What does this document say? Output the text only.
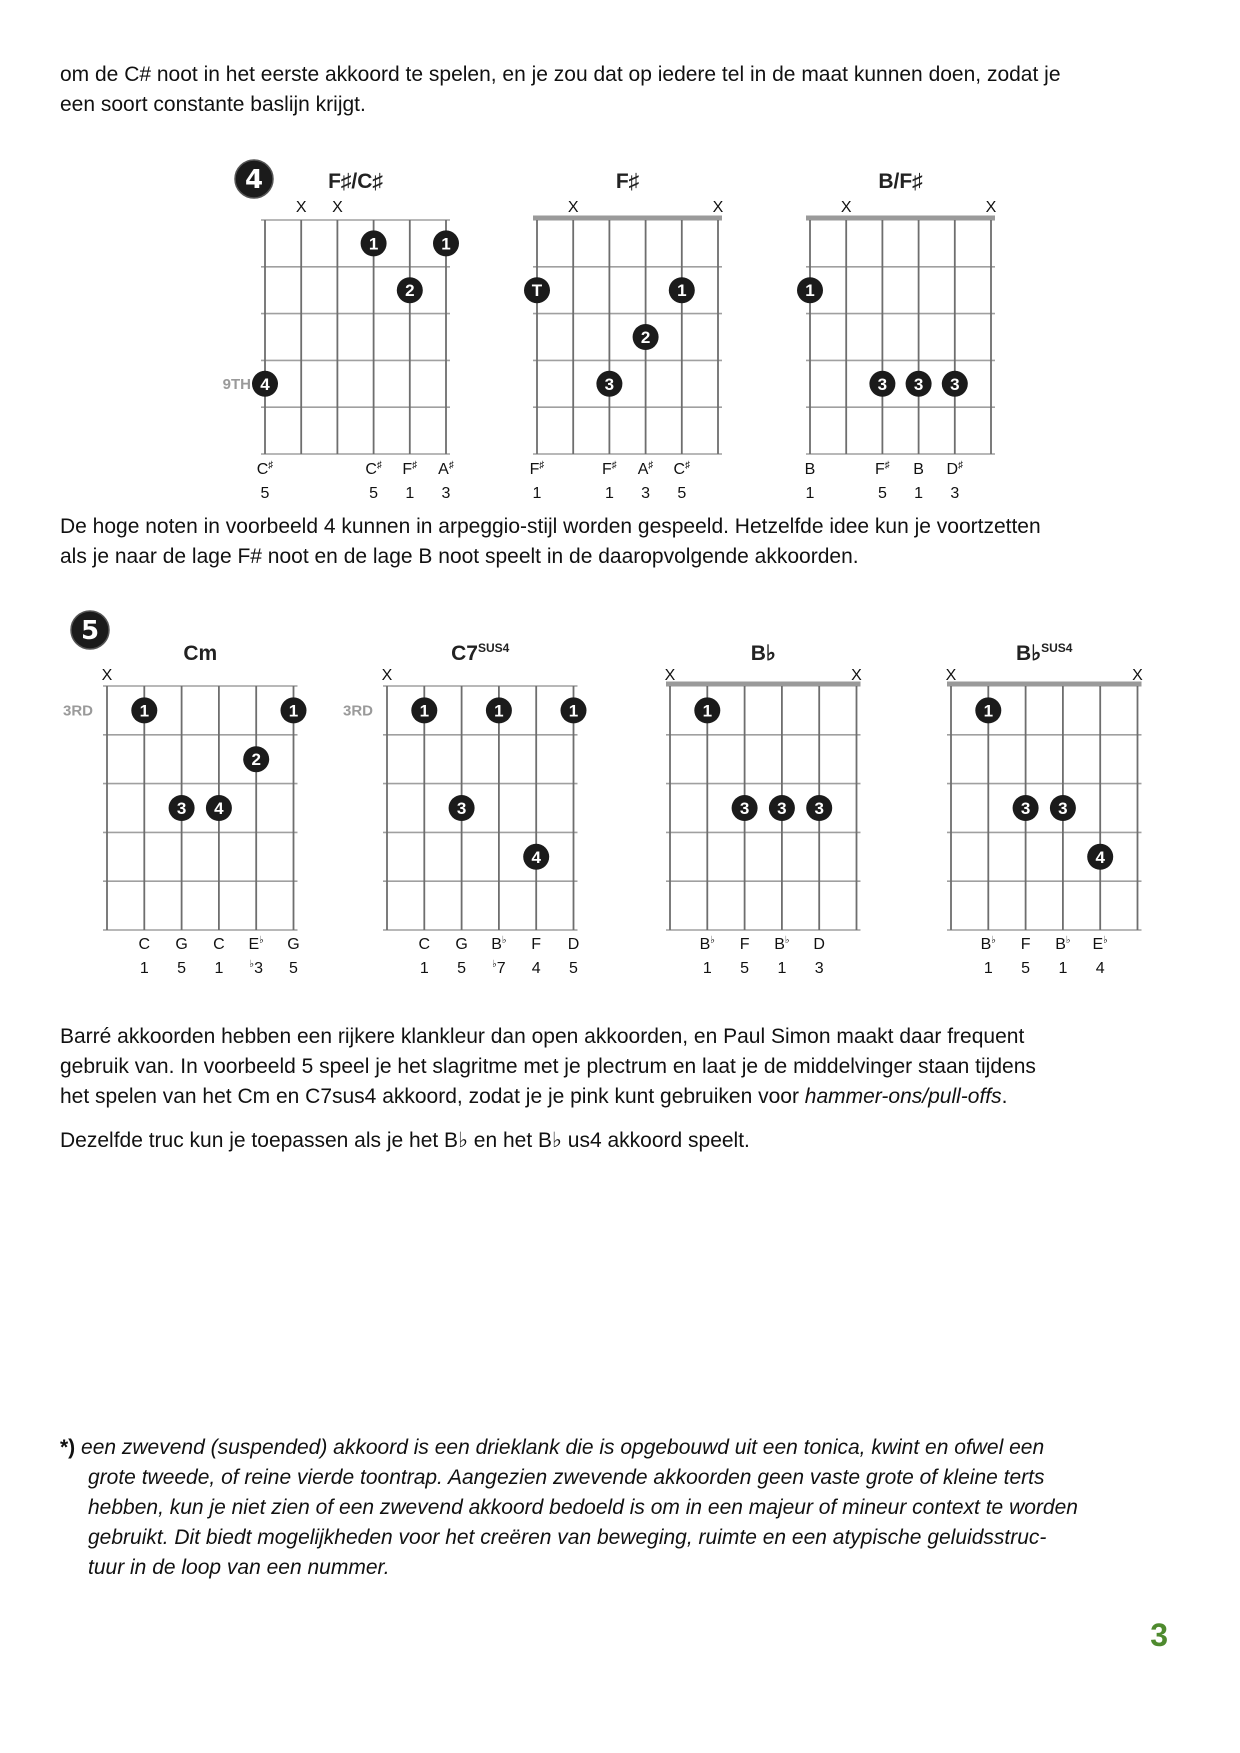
om de C# noot in het eerste akkoord te spelen, en je zou dat op iedere tel in de maat kunnen doen, zodat je
een soort constante baslijn krijgt.

4	F♯/C♯
X X
9TH
1	1
2
4
C♯
5
C♯
5
F♯
1
A♯
3
F♯
X	X
T	1
2
3
F♯
1
F♯
1
A♯
3
C♯
5
B/F♯
X	X
1
3 3 3
B
1
F♯
5
B
1
D♯
3
5
Cm
X
3RD	1	1
2
3 4
C
1
G
5
C
1
E♭
♭3
G
5
$C7^{SUS4}$
X
3RD	1	1	1
3
4
C
1
G
5
B♭
♭7
F
4
D
5
B♭
X	X
1
3 3 3
B♭
1
F
5
B♭
1
D
3
B♭$^{SUS4}$
X	X
1
3 3
4
B♭
1
F
5
B♭
1
E♭
4

De hoge noten in voorbeeld 4 kunnen in arpeggio-stijl worden gespeeld. Hetzelfde idee kun je voortzetten
als je naar de lage F# noot en de lage B noot speelt in de daaropvolgende akkoorden.

Barré akkoorden hebben een rijkere klankleur dan open akkoorden, en Paul Simon maakt daar frequent
gebruik van. In voorbeeld 5 speel je het slagritme met je plectrum en laat je de middelvinger staan tijdens
het spelen van het Cm en C7sus4 akkoord, zodat je je pink kunt gebruiken voor hammer-ons/pull-offs.

Dezelfde truc kun je toepassen als je het B♭ en het B♭ us4 akkoord speelt.

*) een zwevend (suspended) akkoord is een drieklank die is opgebouwd uit een tonica, kwint en ofwel een
grote tweede, of reine vierde toontrap. Aangezien zwevende akkoorden geen vaste grote of kleine terts
hebben, kun je niet zien of een zwevend akkoord bedoeld is om in een majeur of mineur context te worden
gebruikt. Dit biedt mogelijkheden voor het creëren van beweging, ruimte en een atypische geluidsstruc-
tuur in de loop van een nummer.
3
